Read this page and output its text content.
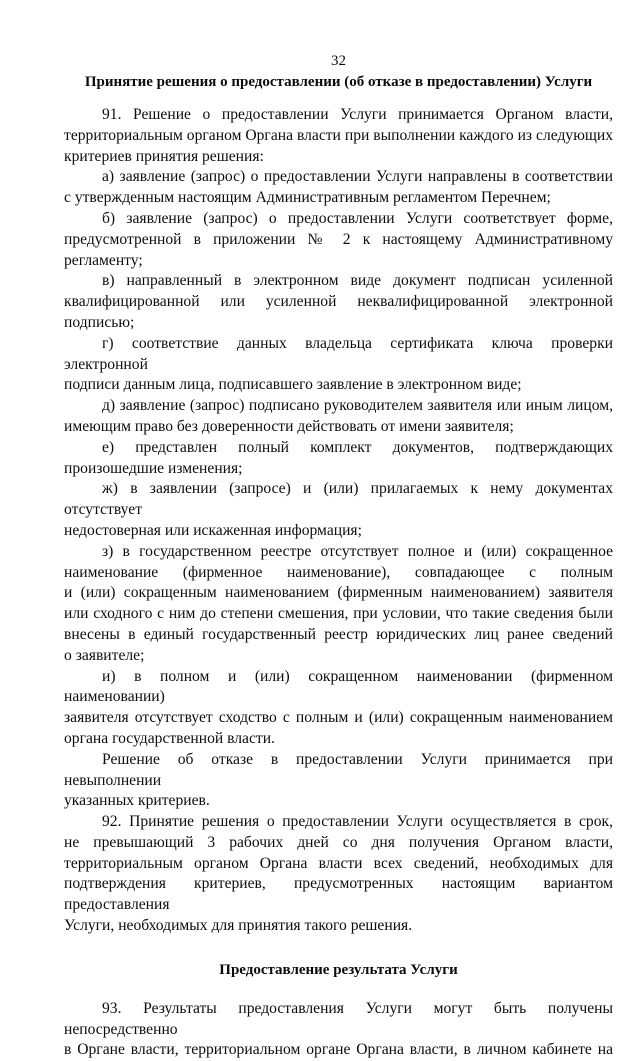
32
Принятие решения о предоставлении (об отказе в предоставлении) Услуги

91. Решение о предоставлении Услуги принимается Органом власти,

территориальным органом Органа власти при выполнении каждого из следующих

критериев принятия решения:

а) заявление (запрос) о предоставлении Услуги направлены в соответствии

с утвержденным настоящим Административным регламентом Перечнем;

б) заявление (запрос) о предоставлении Услуги соответствует форме,

предусмотренной в приложении № 2 к настоящему Административному регламенту;

в) направленный в электронном виде документ подписан усиленной

квалифицированной или усиленной неквалифицированной электронной подписью;

г) соответствие данных владельца сертификата ключа проверки электронной

подписи данным лица, подписавшего заявление в электронном виде;

д) заявление (запрос) подписано руководителем заявителя или иным лицом,

имеющим право без доверенности действовать от имени заявителя;

е) представлен полный комплект документов, подтверждающих

произошедшие изменения;

ж) в заявлении (запросе) и (или) прилагаемых к нему документах отсутствует

недостоверная или искаженная информация;

з) в государственном реестре отсутствует полное и (или) сокращенное

наименование (фирменное наименование), совпадающее с полным

и (или) сокращенным наименованием (фирменным наименованием) заявителя

или сходного с ним до степени смешения, при условии, что такие сведения были

внесены в единый государственный реестр юридических лиц ранее сведений

о заявителе;

и) в полном и (или) сокращенном наименовании (фирменном наименовании)

заявителя отсутствует сходство с полным и (или) сокращенным наименованием

органа государственной власти.

Решение об отказе в предоставлении Услуги принимается при невыполнении

указанных критериев.

92. Принятие решения о предоставлении Услуги осуществляется в срок,

не превышающий 3 рабочих дней со дня получения Органом власти,

территориальным органом Органа власти всех сведений, необходимых для

подтверждения критериев, предусмотренных настоящим вариантом предоставления

Услуги, необходимых для принятия такого решения.

Предоставление результата Услуги

93. Результаты предоставления Услуги могут быть получены непосредственно

в Органе власти, территориальном органе Органа власти, в личном кабинете на
